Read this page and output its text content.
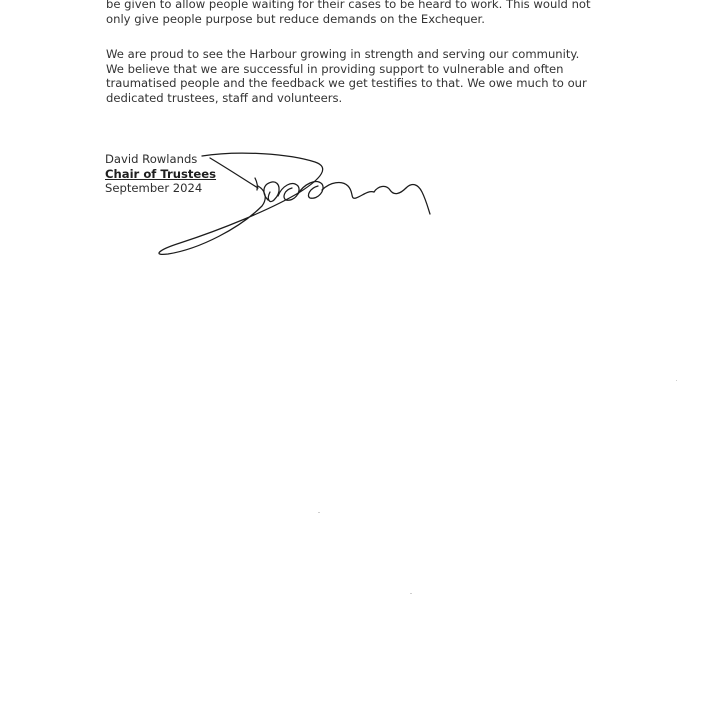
be given to allow people waiting for their cases to be heard to work. This would not
only give people purpose but reduce demands on the Exchequer.
We are proud to see the Harbour growing in strength and serving our community.
We believe that we are successful in providing support to vulnerable and often
traumatised people and the feedback we get testifies to that. We owe much to our
dedicated trustees, staff and volunteers.
David Rowlands
Chair of Trustees
September 2024
